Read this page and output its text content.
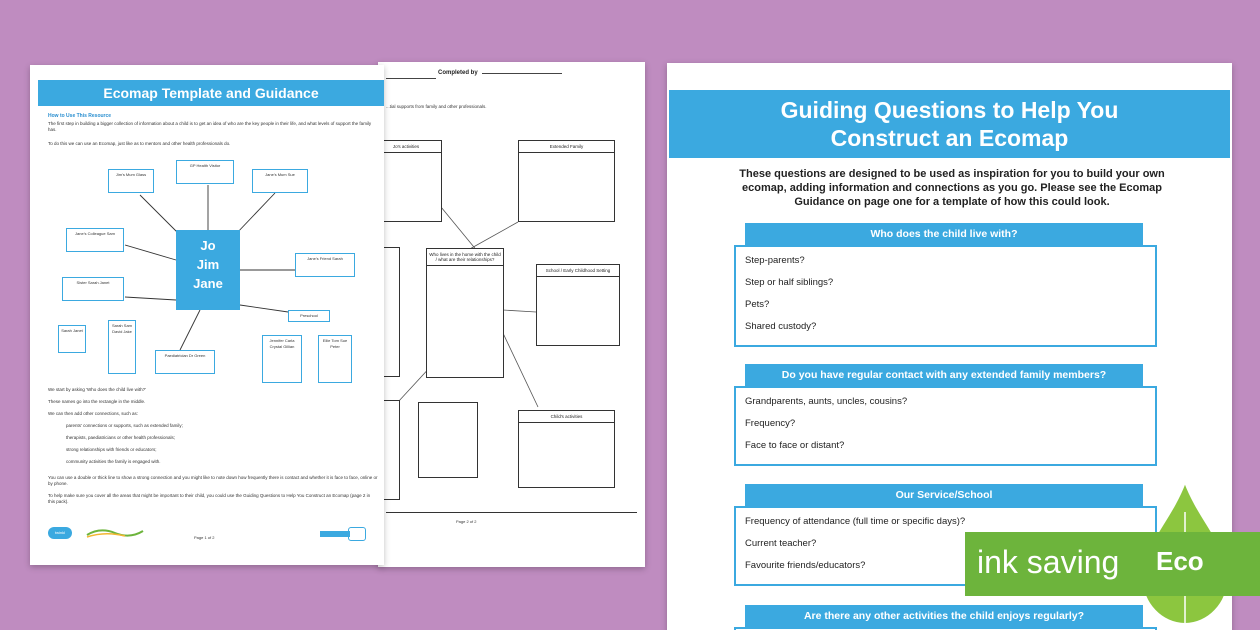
Completed by
...tial supports from family and other professionals.
Jo's activities	Extended Family
Who lives in the home with the child / what are their relationships?
School / Early Childhood Setting
Child's activities
Page 2 of 2
Ecomap Template and Guidance
How to Use This Resource
The first step in building a bigger collection of information about a child is to get an idea of who are the key people in their life, and what levels of support the family has.
To do this we can use an Ecomap, just like as to mentors and other health professionals do.
Jo
Jim
Jane
Jim's Mum Glass
GP Health Visitor
Jane's Mum Sue
Jane's Colleague Sam
Jane's Friend Sarah
Sister Sarah Janet
Preschool
Sarah Janet
Sarah Sam David Jake
Jennifer Carla Crystal Gillian
Ellie Tom Sue Peter
Paediatrician Dr Green
We start by asking 'Who does the child live with?'
These names go into the rectangle in the middle.
We can then add other connections, such as:
parents' connections or supports, such as extended family;
therapists, paediatricians or other health professionals;
strong relationships with friends or educators;
community activities the family is engaged with.
You can use a double or thick line to show a strong connection and you might like to note down how frequently there is contact and whether it is face to face, online or by phone.
To help make sure you cover all the areas that might be important to their child, you could use the Guiding Questions to Help You Construct an Ecomap (page 2 in this pack).
twinkl
Page 1 of 2
Guiding Questions to Help You
Construct an Ecomap
These questions are designed to be used as inspiration for you to build your own ecomap, adding information and connections as you go. Please see the Ecomap Guidance on page one for a template of how this could look.
Who does the child live with?
Step-parents?
Step or half siblings?
Pets?
Shared custody?
Do you have regular contact with any extended family members?
Grandparents, aunts, uncles, cousins?
Frequency?
Face to face or distant?
Our Service/School
Frequency of attendance (full time or specific days)?
Current teacher?
Favourite friends/educators?
Are there any other activities the child enjoys regularly?
ink saving Eco
